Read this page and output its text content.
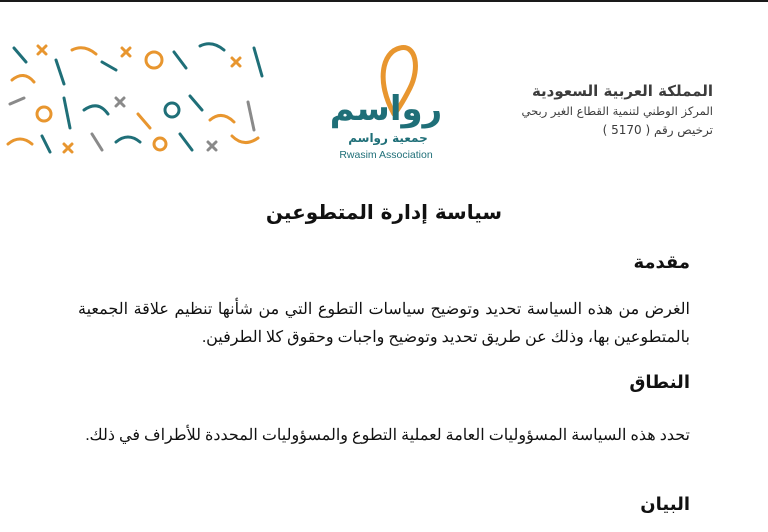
رواسم
جمعية رواسم
Rwasim Association
المملكة العربية السعودية
المركز الوطني لتنمية القطاع الغير ربحي
ترخيص رقم ( 5170 )
سياسة إدارة المتطوعين
مقدمة
الغرض من هذه السياسة تحديد وتوضيح سياسات التطوع التي من شأنها تنظيم علاقة الجمعية بالمتطوعين بها، وذلك عن طريق تحديد وتوضيح واجبات وحقوق كلا الطرفين.
النطاق
تحدد هذه السياسة المسؤوليات العامة لعملية التطوع والمسؤوليات المحددة للأطراف في ذلك.
البيان
